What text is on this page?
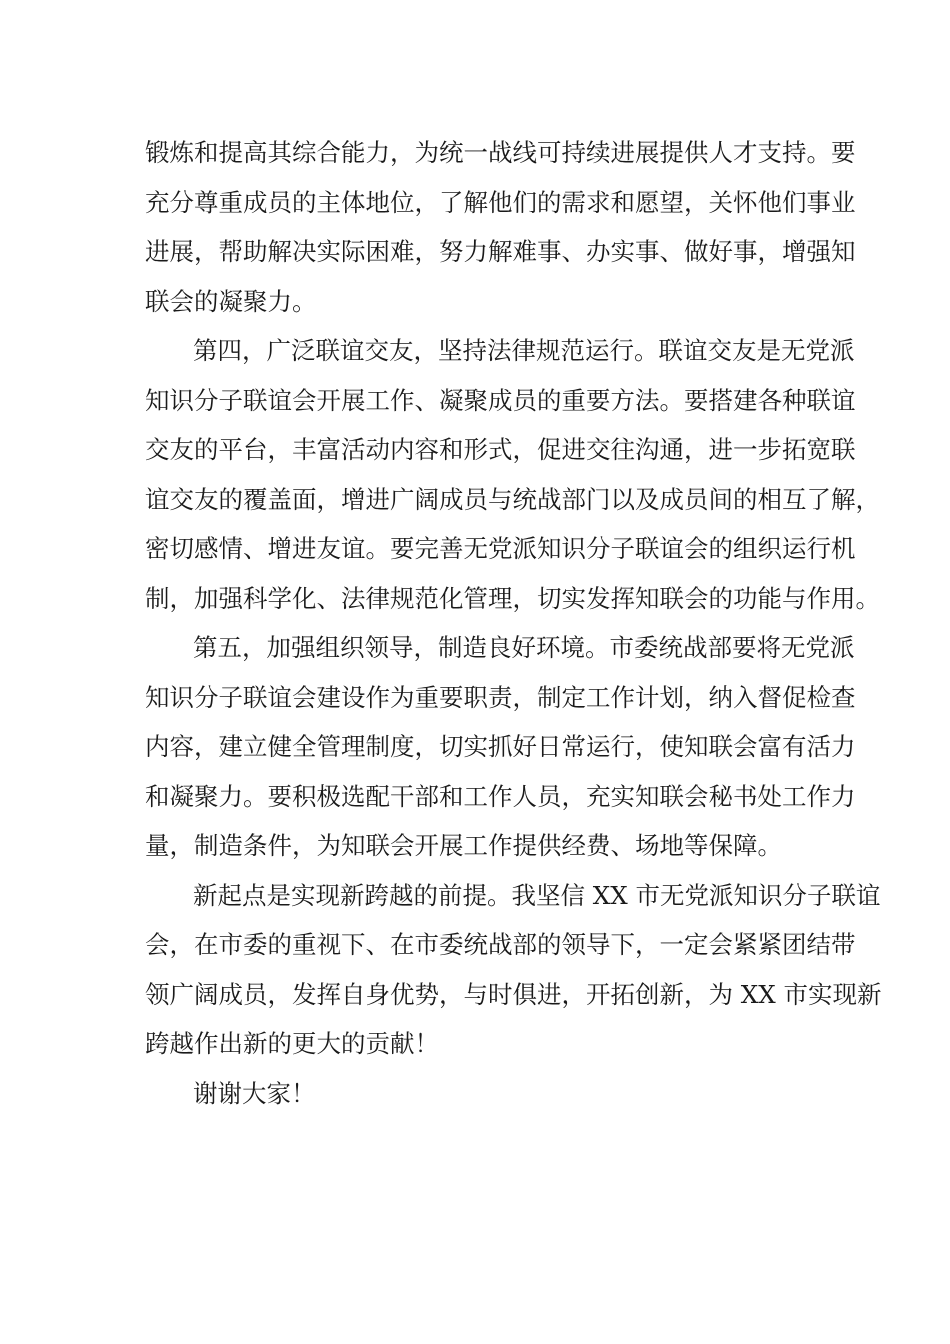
锻炼和提高其综合能力，为统一战线可持续进展提供人才支持。要
充分尊重成员的主体地位，了解他们的需求和愿望，关怀他们事业
进展，帮助解决实际困难，努力解难事、办实事、做好事，增强知
联会的凝聚力。
第四，广泛联谊交友，坚持法律规范运行。联谊交友是无党派
知识分子联谊会开展工作、凝聚成员的重要方法。要搭建各种联谊
交友的平台，丰富活动内容和形式，促进交往沟通，进一步拓宽联
谊交友的覆盖面，增进广阔成员与统战部门以及成员间的相互了解，
密切感情、增进友谊。要完善无党派知识分子联谊会的组织运行机
制，加强科学化、法律规范化管理，切实发挥知联会的功能与作用。
第五，加强组织领导，制造良好环境。市委统战部要将无党派
知识分子联谊会建设作为重要职责，制定工作计划，纳入督促检查
内容，建立健全管理制度，切实抓好日常运行，使知联会富有活力
和凝聚力。要积极选配干部和工作人员，充实知联会秘书处工作力
量，制造条件，为知联会开展工作提供经费、场地等保障。
新起点是实现新跨越的前提。我坚信 XX 市无党派知识分子联谊
会，在市委的重视下、在市委统战部的领导下，一定会紧紧团结带
领广阔成员，发挥自身优势，与时俱进，开拓创新，为 XX 市实现新
跨越作出新的更大的贡献！
谢谢大家！
